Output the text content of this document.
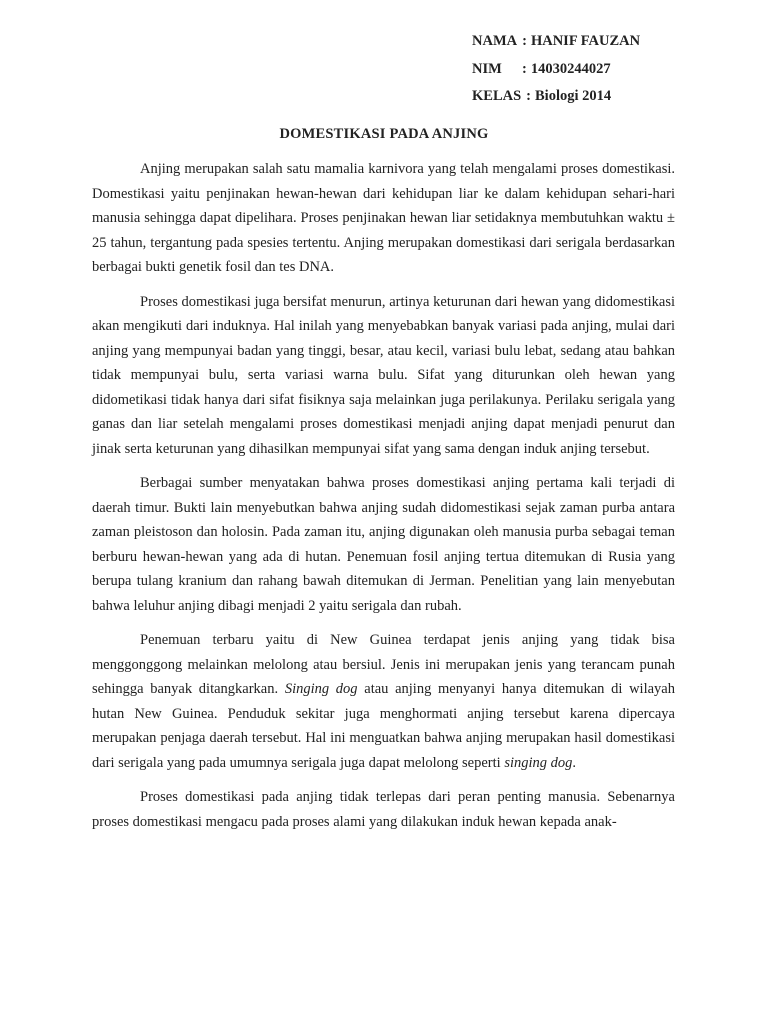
NAMA : HANIF FAUZAN
NIM	: 14030244027
KELAS : Biologi 2014
DOMESTIKASI PADA ANJING

Anjing merupakan salah satu mamalia karnivora yang telah mengalami proses domestikasi. Domestikasi yaitu penjinakan hewan-hewan dari kehidupan liar ke dalam kehidupan sehari-hari manusia sehingga dapat dipelihara. Proses penjinakan hewan liar setidaknya membutuhkan waktu ± 25 tahun, tergantung pada spesies tertentu. Anjing merupakan domestikasi dari serigala berdasarkan berbagai bukti genetik fosil dan tes DNA.

Proses domestikasi juga bersifat menurun, artinya keturunan dari hewan yang didomestikasi akan mengikuti dari induknya. Hal inilah yang menyebabkan banyak variasi pada anjing, mulai dari anjing yang mempunyai badan yang tinggi, besar, atau kecil, variasi bulu lebat, sedang atau bahkan tidak mempunyai bulu, serta variasi warna bulu. Sifat yang diturunkan oleh hewan yang didometikasi tidak hanya dari sifat fisiknya saja melainkan juga perilakunya. Perilaku serigala yang ganas dan liar setelah mengalami proses domestikasi menjadi anjing dapat menjadi penurut dan jinak serta keturunan yang dihasilkan mempunyai sifat yang sama dengan induk anjing tersebut.

Berbagai sumber menyatakan bahwa proses domestikasi anjing pertama kali terjadi di daerah timur. Bukti lain menyebutkan bahwa anjing sudah didomestikasi sejak zaman purba antara zaman pleistoson dan holosin. Pada zaman itu, anjing digunakan oleh manusia purba sebagai teman berburu hewan-hewan yang ada di hutan. Penemuan fosil anjing tertua ditemukan di Rusia yang berupa tulang kranium dan rahang bawah ditemukan di Jerman. Penelitian yang lain menyebutan bahwa leluhur anjing dibagi menjadi 2 yaitu serigala dan rubah.

Penemuan terbaru yaitu di New Guinea terdapat jenis anjing yang tidak bisa menggonggong melainkan melolong atau bersiul. Jenis ini merupakan jenis yang terancam punah sehingga banyak ditangkarkan. Singing dog atau anjing menyanyi hanya ditemukan di wilayah hutan New Guinea. Penduduk sekitar juga menghormati anjing tersebut karena dipercaya merupakan penjaga daerah tersebut. Hal ini menguatkan bahwa anjing merupakan hasil domestikasi dari serigala yang pada umumnya serigala juga dapat melolong seperti singing dog.

Proses domestikasi pada anjing tidak terlepas dari peran penting manusia. Sebenarnya proses domestikasi mengacu pada proses alami yang dilakukan induk hewan kepada anak-
